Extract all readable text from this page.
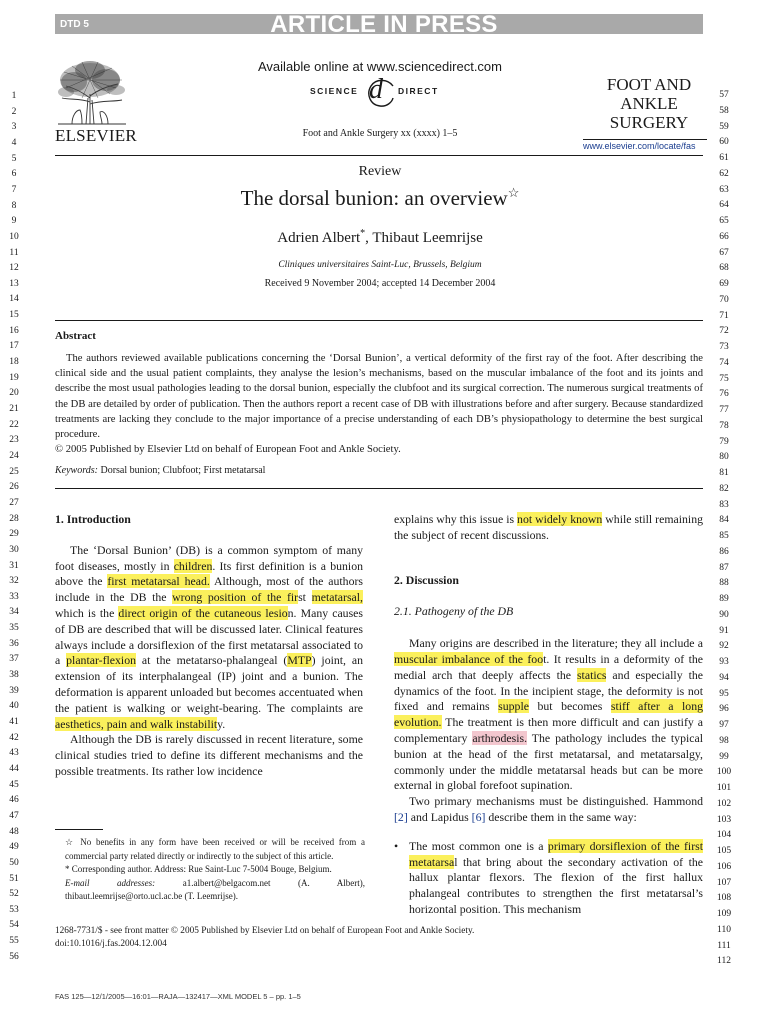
DTD 5	ARTICLE IN PRESS
ELSEVIER
Available online at www.sciencedirect.com
SCIENCE d DIRECT
Foot and Ankle Surgery xx (xxxx) 1–5
FOOT AND
ANKLE
SURGERY
www.elsevier.com/locate/fas
Review
The dorsal bunion: an overview☆
Adrien Albert*, Thibaut Leemrijse
Cliniques universitaires Saint-Luc, Brussels, Belgium
Received 9 November 2004; accepted 14 December 2004
Abstract

The authors reviewed available publications concerning the ‘Dorsal Bunion’, a vertical deformity of the first ray of the foot. After describing the clinical side and the usual patient complaints, they analyse the lesion’s mechanisms, based on the muscular imbalance of the foot and its joints and describe the most usual pathologies leading to the dorsal bunion, especially the clubfoot and its surgical correction. The numerous surgical treatments of the DB are detailed by order of publication. Then the authors report a recent case of DB with illustrations before and after surgery. Because standardized treatments are lacking they conclude to the major importance of a precise understanding of each DB’s physiopathology to determine the best surgical procedure.

© 2005 Published by Elsevier Ltd on behalf of European Foot and Ankle Society.

Keywords: Dorsal bunion; Clubfoot; First metatarsal
1. Introduction

The ‘Dorsal Bunion’ (DB) is a common symptom of many foot diseases, mostly in children. Its first definition is a bunion above the first metatarsal head. Although, most of the authors include in the DB the wrong position of the first metatarsal, which is the direct origin of the cutaneous lesion. Many causes of DB are described that will be discussed later. Clinical features always include a dorsiflexion of the first metatarsal associated to a plantar-flexion at the metatarso-phalangeal (MTP) joint, an extension of its interphalangeal (IP) joint and a bunion. The deformation is apparent unloaded but becomes accentuated when the patient is walking or weight-bearing. The complaints are aesthetics, pain and walk instability.

Although the DB is rarely discussed in recent literature, some clinical studies tried to define its different mechanisms and the possible treatments. Its rather low incidence

☆ No benefits in any form have been received or will be received from a commercial party related directly or indirectly to the subject of this article.

* Corresponding author. Address: Rue Saint-Luc 7-5004 Bouge, Belgium.

E-mail addresses: a1.albert@belgacom.net (A. Albert), thibaut.leemrijse@orto.ucl.ac.be (T. Leemrijse).

explains why this issue is not widely known while still remaining the subject of recent discussions.

2. Discussion
2.1. Pathogeny of the DB

Many origins are described in the literature; they all include a muscular imbalance of the foot. It results in a deformity of the medial arch that deeply affects the statics and especially the dynamics of the foot. In the incipient stage, the deformity is not fixed and remains supple but becomes stiff after a long evolution. The treatment is then more difficult and can justify a complementary arthrodesis. The pathology includes the typical bunion at the head of the first metatarsal, and metatarsalgy, commonly under the middle metatarsal heads but can be more external in global forefoot supination.

Two primary mechanisms must be distinguished. Hammond [2] and Lapidus [6] describe them in the same way:

• The most common one is a primary dorsiflexion of the first metatarsal that bring about the secondary activation of the hallux plantar flexors. The flexion of the first hallux phalangeal contributes to strengthen the first metatarsal’s horizontal position. This mechanism
1268-7731/$ - see front matter © 2005 Published by Elsevier Ltd on behalf of European Foot and Ankle Society.
doi:10.1016/j.fas.2004.12.004
FAS 125—12/1/2005—16:01—RAJA—132417—XML MODEL 5 – pp. 1–5
1
2
3
4
5
6
7
8
9
10
11
12
13
14
15
16
17
18
19
20
21
22
23
24
25
26
27
28
29
30
31
32
33
34
35
36
37
38
39
40
41
42
43
44
45
46
47
48
49
50
51
52
53
54
55
56
57
58
59
60
61
62
63
64
65
66
67
68
69
70
71
72
73
74
75
76
77
78
79
80
81
82
83
84
85
86
87
88
89
90
91
92
93
94
95
96
97
98
99
100
101
102
103
104
105
106
107
108
109
110
111
112
